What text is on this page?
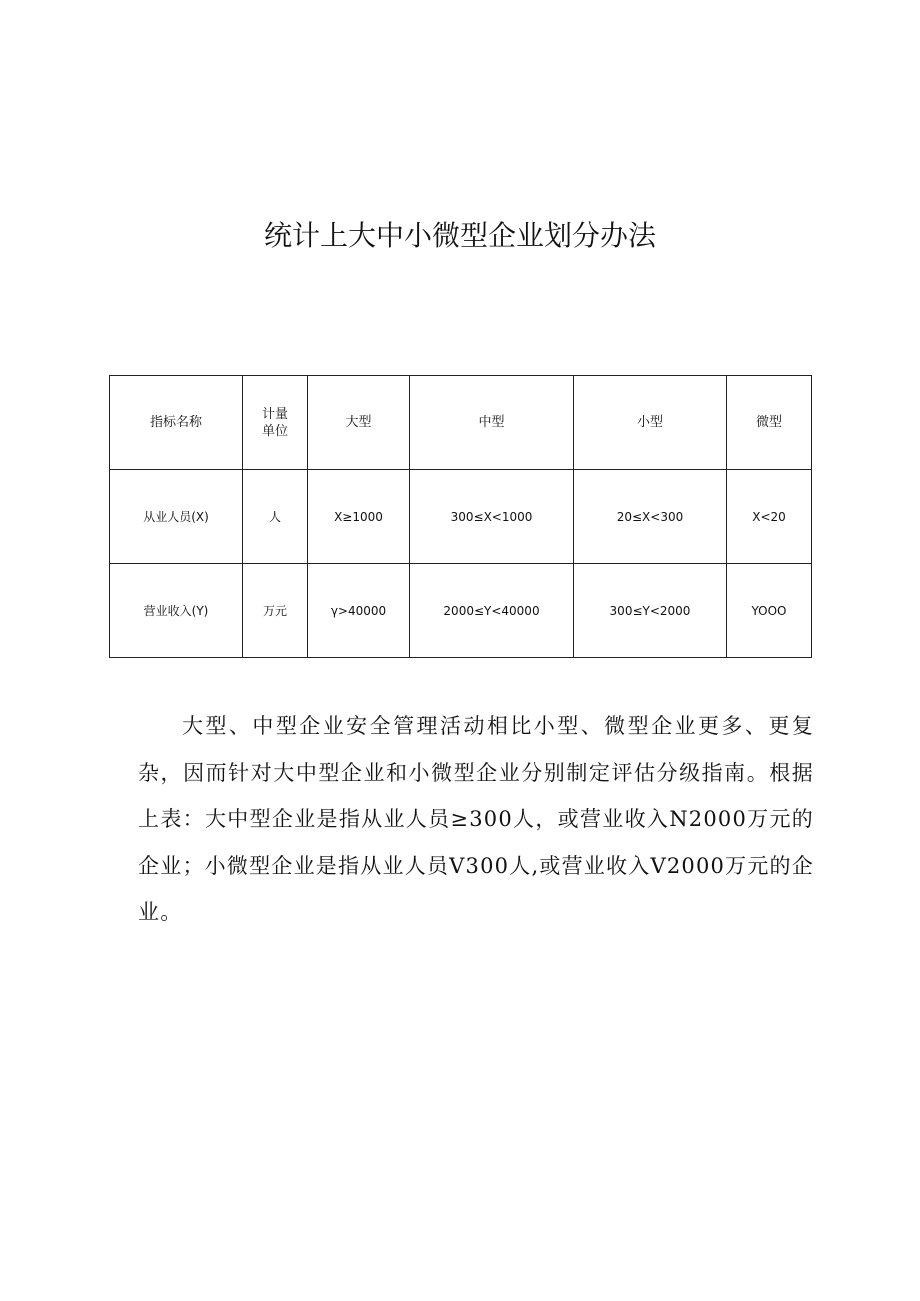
统计上大中小微型企业划分办法
指标名称	计量单位	大型	中型	小型	微型
从业人员(X)	人	X≥1000	300≤X<1000	20≤X<300	X<20
营业收入(Y)	万元	γ>40000	2000≤Y<40000	300≤Y<2000	YOOO

大型、中型企业安全管理活动相比小型、微型企业更多、更复杂，因而针对大中型企业和小微型企业分别制定评估分级指南。根据上表：大中型企业是指从业人员≥300人，或营业收入N2000万元的企业；小微型企业是指从业人员V300人,或营业收入V2000万元的企业。
